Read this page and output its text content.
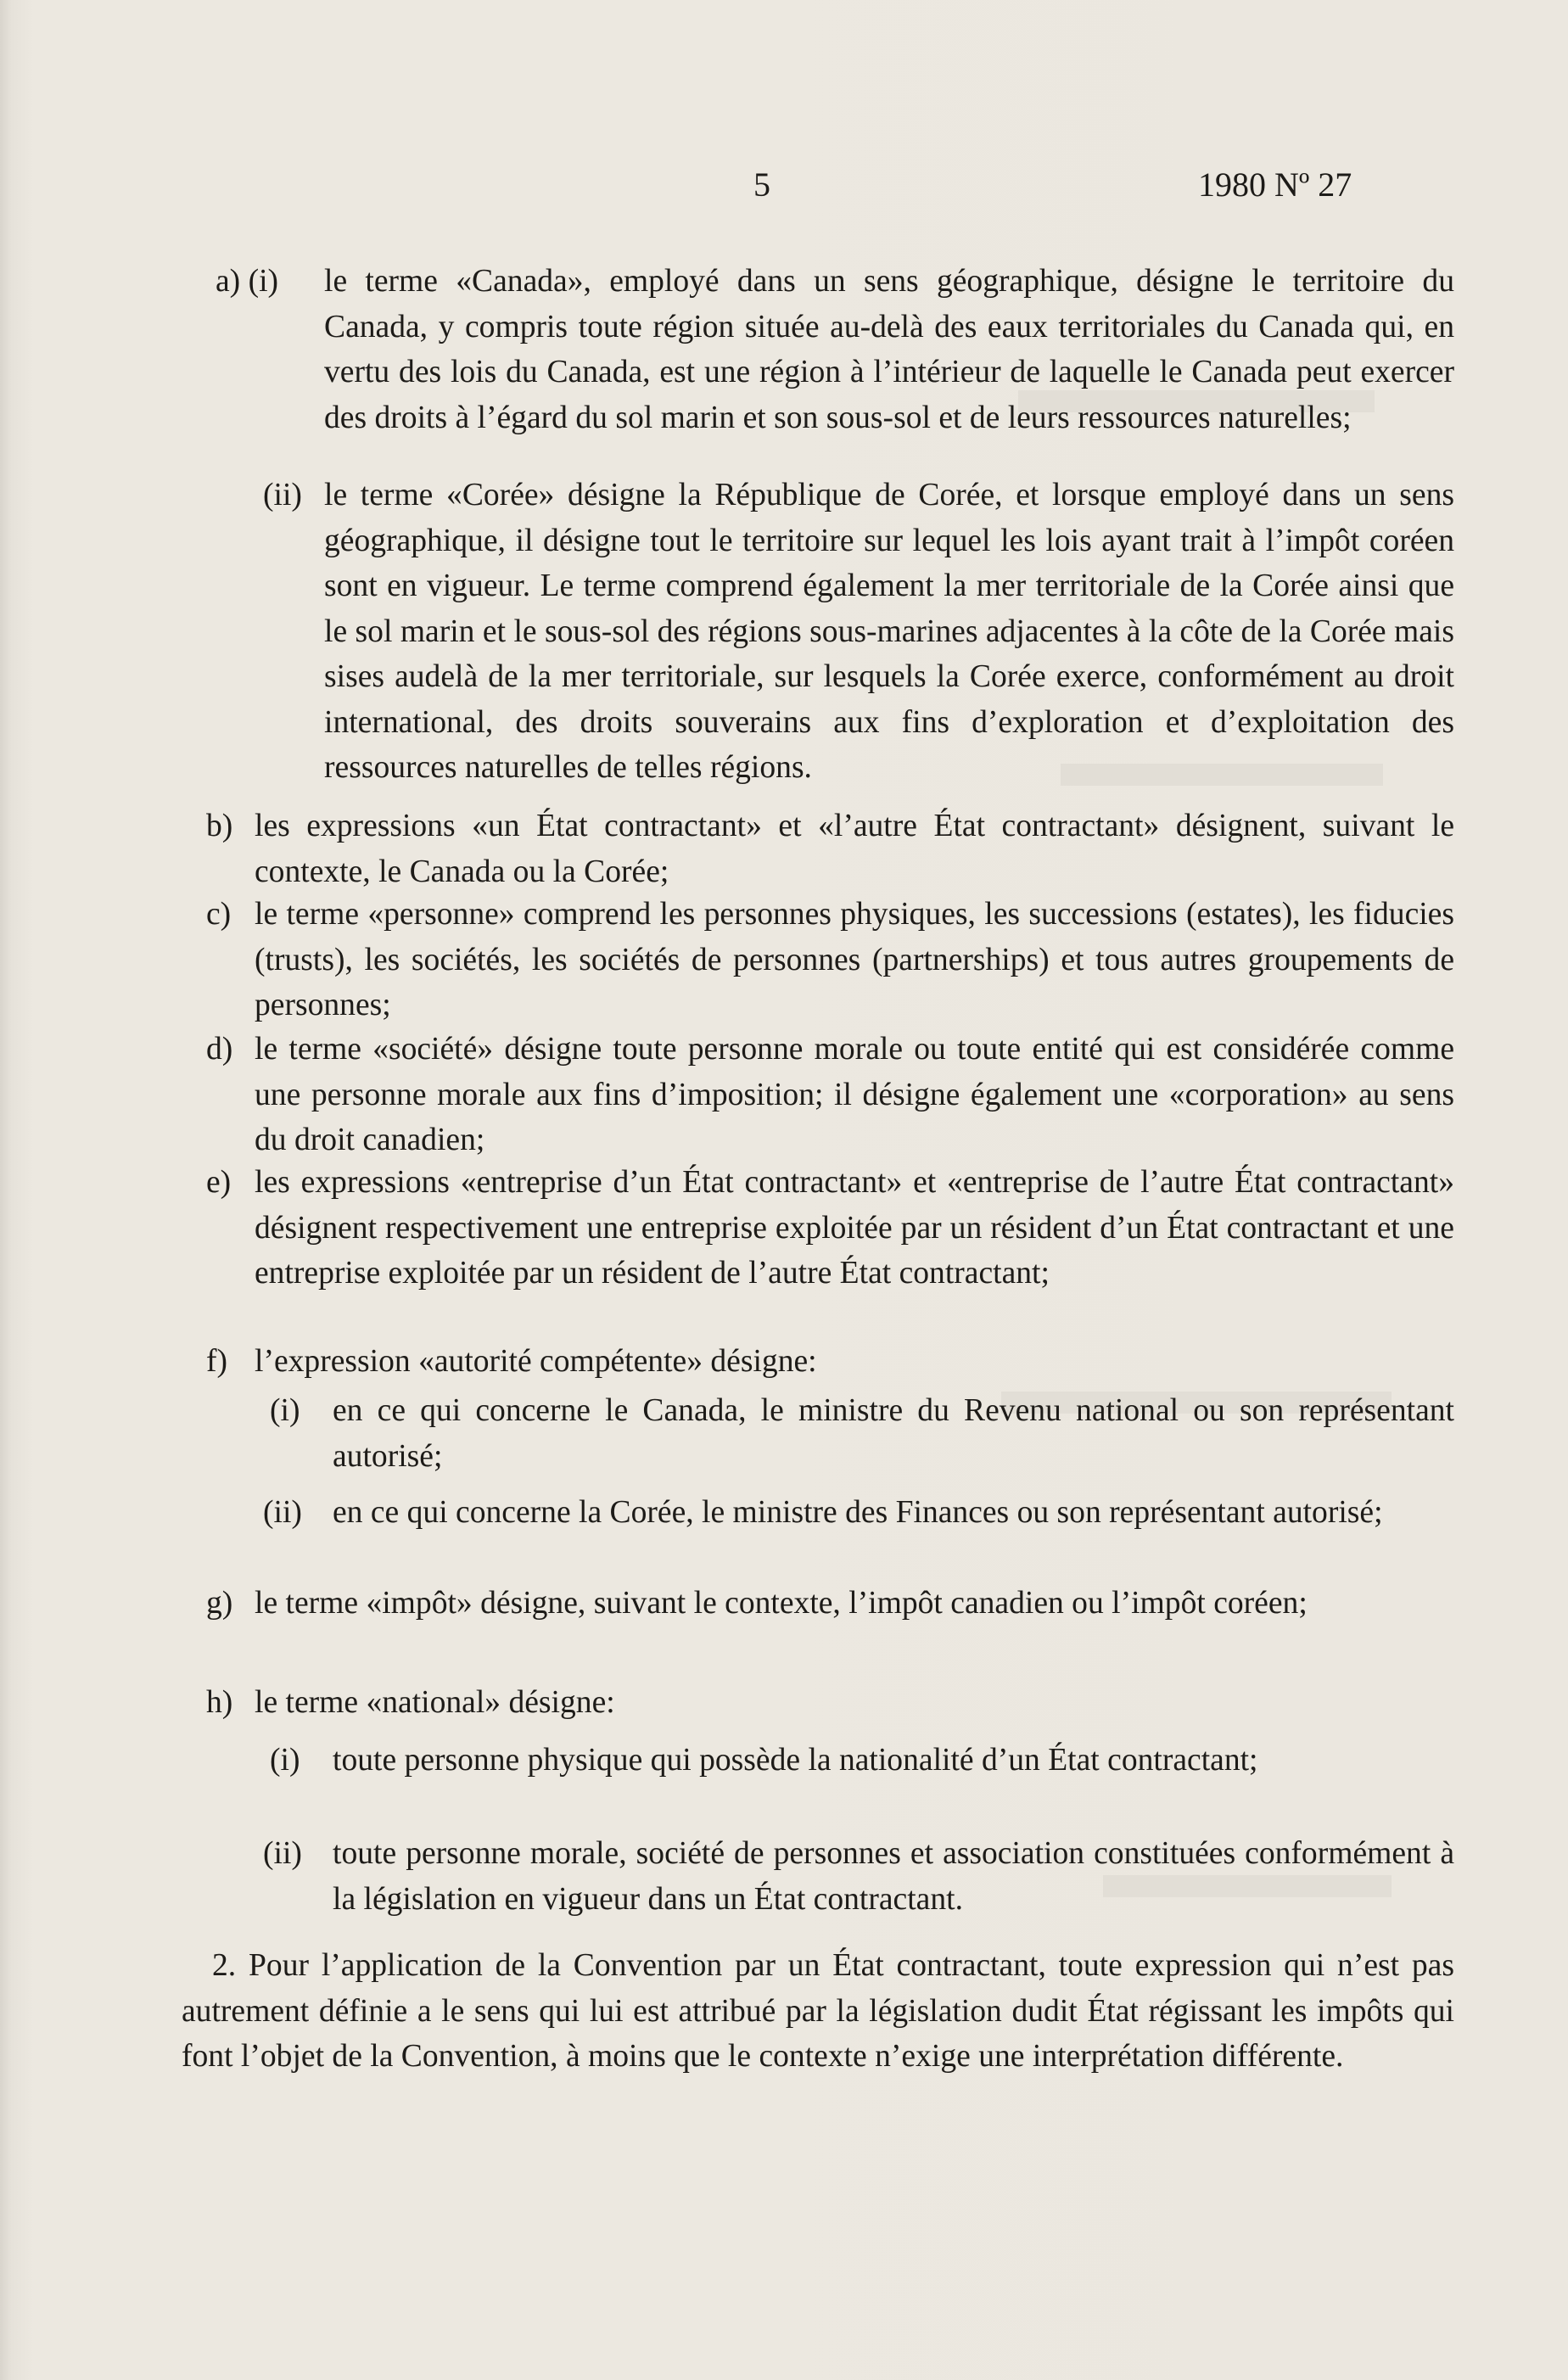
5	1980 Nº 27
a) (i) le terme «Canada», employé dans un sens géographique, désigne le territoire du Canada, y compris toute région située au-delà des eaux territoriales du Canada qui, en vertu des lois du Canada, est une région à l’intérieur de laquelle le Canada peut exercer des droits à l’égard du sol marin et son sous-sol et de leurs ressources naturelles;
(ii) le terme «Corée» désigne la République de Corée, et lorsque employé dans un sens géographique, il désigne tout le territoire sur lequel les lois ayant trait à l’impôt coréen sont en vigueur. Le terme comprend également la mer territoriale de la Corée ainsi que le sol marin et le sous-sol des régions sous-marines adjacentes à la côte de la Corée mais sises audelà de la mer territoriale, sur lesquels la Corée exerce, conformément au droit international, des droits souverains aux fins d’exploration et d’exploitation des ressources naturelles de telles régions.
b) les expressions «un État contractant» et «l’autre État contractant» désignent, suivant le contexte, le Canada ou la Corée;
c) le terme «personne» comprend les personnes physiques, les successions (estates), les fiducies (trusts), les sociétés, les sociétés de personnes (partnerships) et tous autres groupements de personnes;
d) le terme «société» désigne toute personne morale ou toute entité qui est considérée comme une personne morale aux fins d’imposition; il désigne également une «corporation» au sens du droit canadien;
e) les expressions «entreprise d’un État contractant» et «entreprise de l’autre État contractant» désignent respectivement une entreprise exploitée par un résident d’un État contractant et une entreprise exploitée par un résident de l’autre État contractant;
f) l’expression «autorité compétente» désigne:
(i) en ce qui concerne le Canada, le ministre du Revenu national ou son représentant autorisé;
(ii) en ce qui concerne la Corée, le ministre des Finances ou son représentant autorisé;
g) le terme «impôt» désigne, suivant le contexte, l’impôt canadien ou l’impôt coréen;
h) le terme «national» désigne:
(i) toute personne physique qui possède la nationalité d’un État contractant;
(ii) toute personne morale, société de personnes et association constituées conformément à la législation en vigueur dans un État contractant.
2. Pour l’application de la Convention par un État contractant, toute expression qui n’est pas autrement définie a le sens qui lui est attribué par la législation dudit État régissant les impôts qui font l’objet de la Convention, à moins que le contexte n’exige une interprétation différente.
